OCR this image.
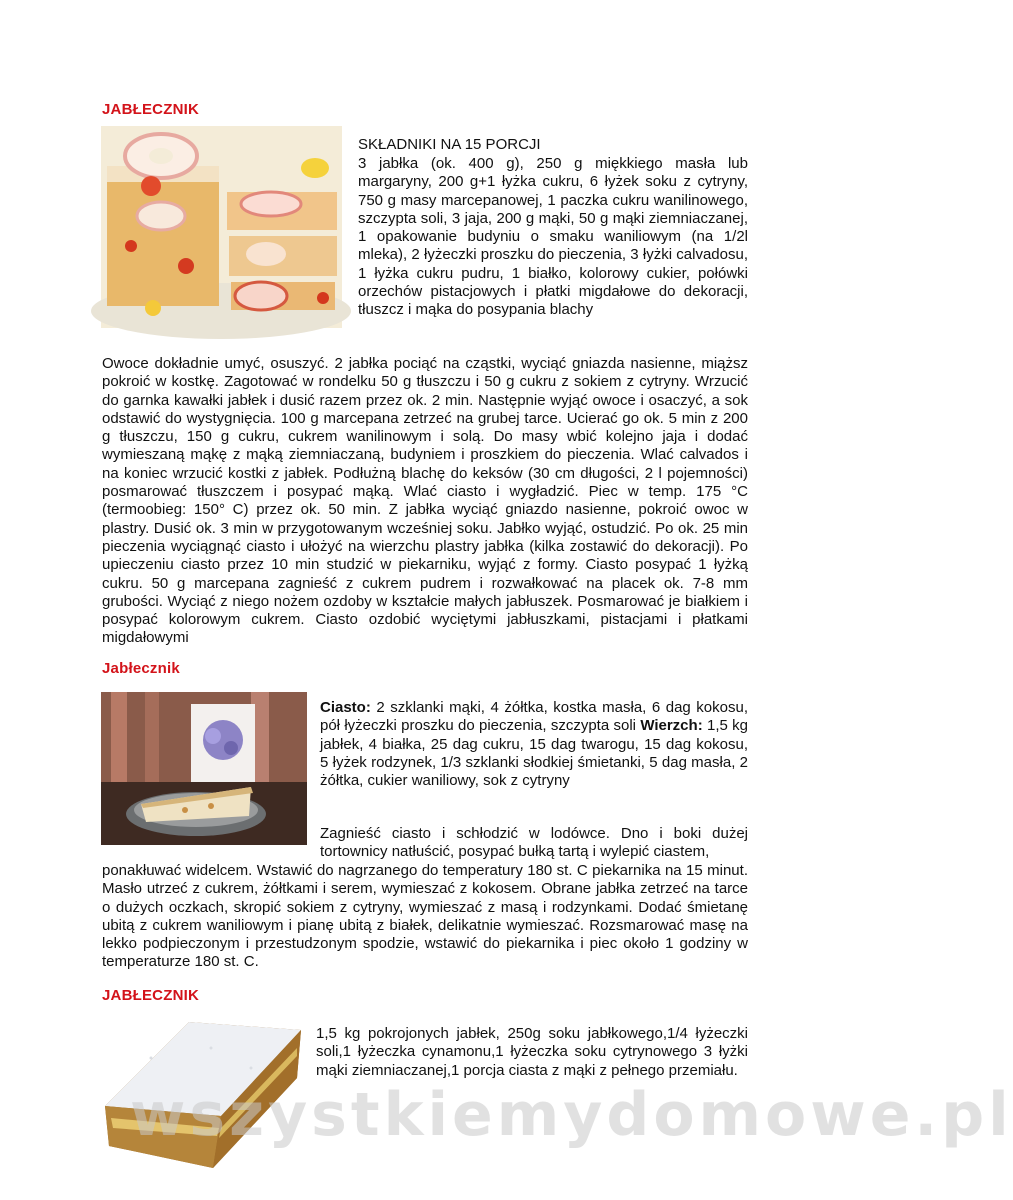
JABŁECZNIK
SKŁADNIKI NA 15 PORCJI

3 jabłka (ok. 400 g), 250 g miękkiego masła lub margaryny, 200 g+1 łyżka cukru, 6 łyżek soku z cytryny, 750 g masy marcepanowej, 1 paczka cukru wanilinowego, szczypta soli, 3 jaja, 200 g mąki, 50 g mąki ziemniaczanej, 1 opakowanie budyniu o smaku waniliowym (na 1/2l mleka), 2 łyżeczki proszku do pieczenia, 3 łyżki calvadosu, 1 łyżka cukru pudru, 1 białko, kolorowy cukier, połówki orzechów pistacjowych i płatki migdałowe do dekoracji, tłuszcz i mąka do posypania blachy

Owoce dokładnie umyć, osuszyć. 2 jabłka pociąć na cząstki, wyciąć gniazda nasienne, miąższ pokroić w kostkę. Zagotować w rondelku 50 g tłuszczu i 50 g cukru z sokiem z cytryny. Wrzucić do garnka kawałki jabłek i dusić razem przez ok. 2 min. Następnie wyjąć owoce i osaczyć, a sok odstawić do wystygnięcia. 100 g marcepana zetrzeć na grubej tarce. Ucierać go ok. 5 min z 200 g tłuszczu, 150 g cukru, cukrem wanilinowym i solą. Do masy wbić kolejno jaja i dodać wymieszaną mąkę z mąką ziemniaczaną, budyniem i proszkiem do pieczenia. Wlać calvados i na koniec wrzucić kostki z jabłek. Podłużną blachę do keksów (30 cm długości, 2 l pojemności) posmarować tłuszczem i posypać mąką. Wlać ciasto i wygładzić. Piec w temp. 175 °C (termoobieg: 150° C) przez ok. 50 min. Z jabłka wyciąć gniazdo nasienne, pokroić owoc w plastry. Dusić ok. 3 min w przygotowanym wcześniej soku. Jabłko wyjąć, ostudzić. Po ok. 25 min pieczenia wyciągnąć ciasto i ułożyć na wierzchu plastry jabłka (kilka zostawić do dekoracji). Po upieczeniu ciasto przez 10 min studzić w piekarniku, wyjąć z formy. Ciasto posypać 1 łyżką cukru. 50 g marcepana zagnieść z cukrem pudrem i rozwałkować na placek ok. 7-8 mm grubości. Wyciąć z niego nożem ozdoby w kształcie małych jabłuszek. Posmarować je białkiem i posypać kolorowym cukrem. Ciasto ozdobić wyciętymi jabłuszkami, pistacjami i płatkami migdałowymi

Jabłecznik

Ciasto: 2 szklanki mąki, 4 żółtka, kostka masła, 6 dag kokosu, pół łyżeczki proszku do pieczenia, szczypta soli Wierzch: 1,5 kg jabłek, 4 białka, 25 dag cukru, 15 dag twarogu, 15 dag kokosu, 5 łyżek rodzynek, 1/3 szklanki słodkiej śmietanki, 5 dag masła, 2 żółtka, cukier waniliowy, sok z cytryny

Zagnieść ciasto i schłodzić w lodówce. Dno i boki dużej tortownicy natłuścić, posypać bułką tartą i wylepić ciastem,

ponakłuwać widelcem. Wstawić do nagrzanego do temperatury 180 st. C piekarnika na 15 minut. Masło utrzeć z cukrem, żółtkami i serem, wymieszać z kokosem. Obrane jabłka zetrzeć na tarce o dużych oczkach, skropić sokiem z cytryny, wymieszać z masą i rodzynkami. Dodać śmietanę ubitą z cukrem waniliowym i pianę ubitą z białek, delikatnie wymieszać. Rozsmarować masę na lekko podpieczonym i przestudzonym spodzie, wstawić do piekarnika i piec około 1 godziny w temperaturze 180 st. C.

JABŁECZNIK

1,5 kg pokrojonych jabłek, 250g soku jabłkowego,1/4 łyżeczki soli,1 łyżeczka cynamonu,1 łyżeczka soku cytrynowego 3 łyżki mąki ziemniaczanej,1 porcja ciasta z mąki z pełnego przemiału.

wszystkiemydomowe.pl
